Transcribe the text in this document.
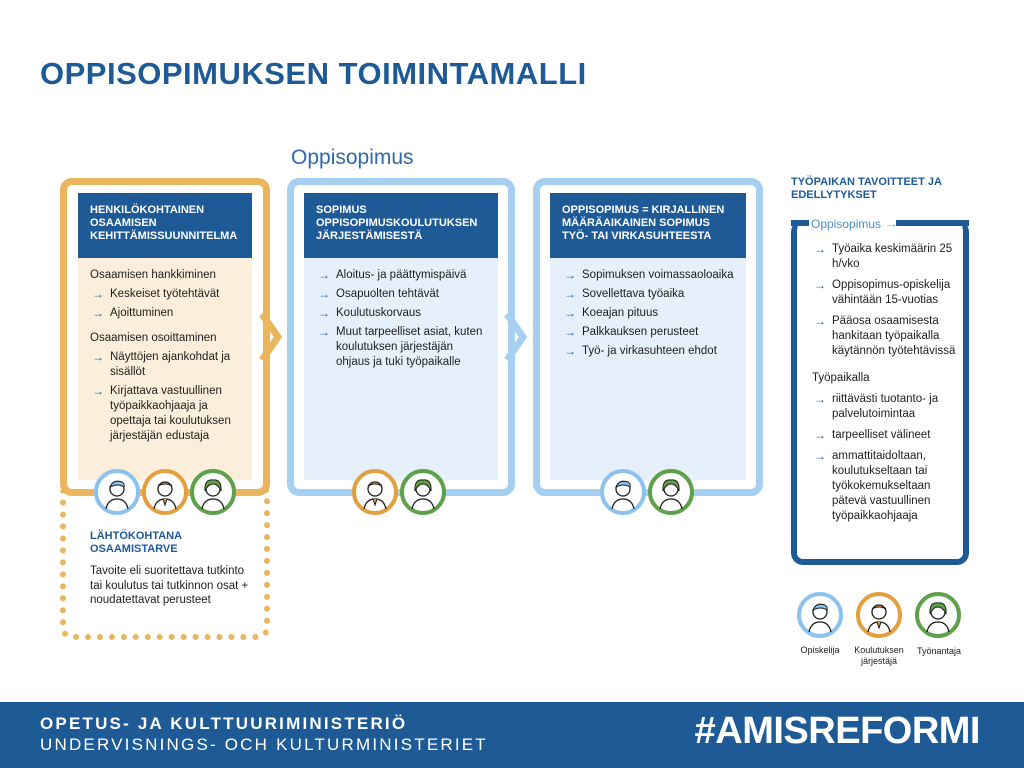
OPPISOPIMUKSEN TOIMINTAMALLI
Oppisopimus
HENKILÖKOHTAINEN OSAAMISEN KEHITTÄMISSUUNNITELMA
Osaamisen hankkiminen
→ Keskeiset työtehtävät
→ Ajoittuminen
Osaamisen osoittaminen
→ Näyttöjen ajankohdat ja sisällöt
→ Kirjattava vastuullinen työpaikkaohjaaja ja opettaja tai koulutuksen järjestäjän edustaja
SOPIMUS OPPISOPIMUSKOULUTUKSEN JÄRJESTÄMISESTÄ
→ Aloitus- ja päättymispäivä
→ Osapuolten tehtävät
→ Koulutuskorvaus
→ Muut tarpeelliset asiat, kuten koulutuksen järjestäjän ohjaus ja tuki työpaikalle
OPPISOPIMUS = KIRJALLINEN MÄÄRÄAIKAINEN SOPIMUS TYÖ- TAI VIRKASUHTEESTA
→ Sopimuksen voimassaoloaika
→ Sovellettava työaika
→ Koeajan pituus
→ Palkkauksen perusteet
→ Työ- ja virkasuhteen ehdot
LÄHTÖKOHTANA OSAAMISTARVE
Tavoite eli suoritettava tutkinto tai koulutus tai tutkinnon osat + noudatettavat perusteet
TYÖPAIKAN TAVOITTEET JA EDELLYTYKSET
Oppisopimus →
→ Työaika keskimäärin 25 h/vko
→ Oppisopimus-opiskelija vähintään 15-vuotias
→ Pääosa osaamisesta hankitaan työpaikalla käytännön työtehtävissä
Työpaikalla
→ riittävästi tuotanto- ja palvelutoimintaa
→ tarpeelliset välineet
→ ammattitaidoltaan, koulutukseltaan tai työkokemukseltaan pätevä vastuullinen työpaikkaohjaaja
Opiskelija	Koulutuksen järjestäjä
Työnantaja
OPETUS- JA KULTTUURIMINISTERIÖ
UNDERVISNINGS- OCH KULTURMINISTERIET	#AMISREFORMI
